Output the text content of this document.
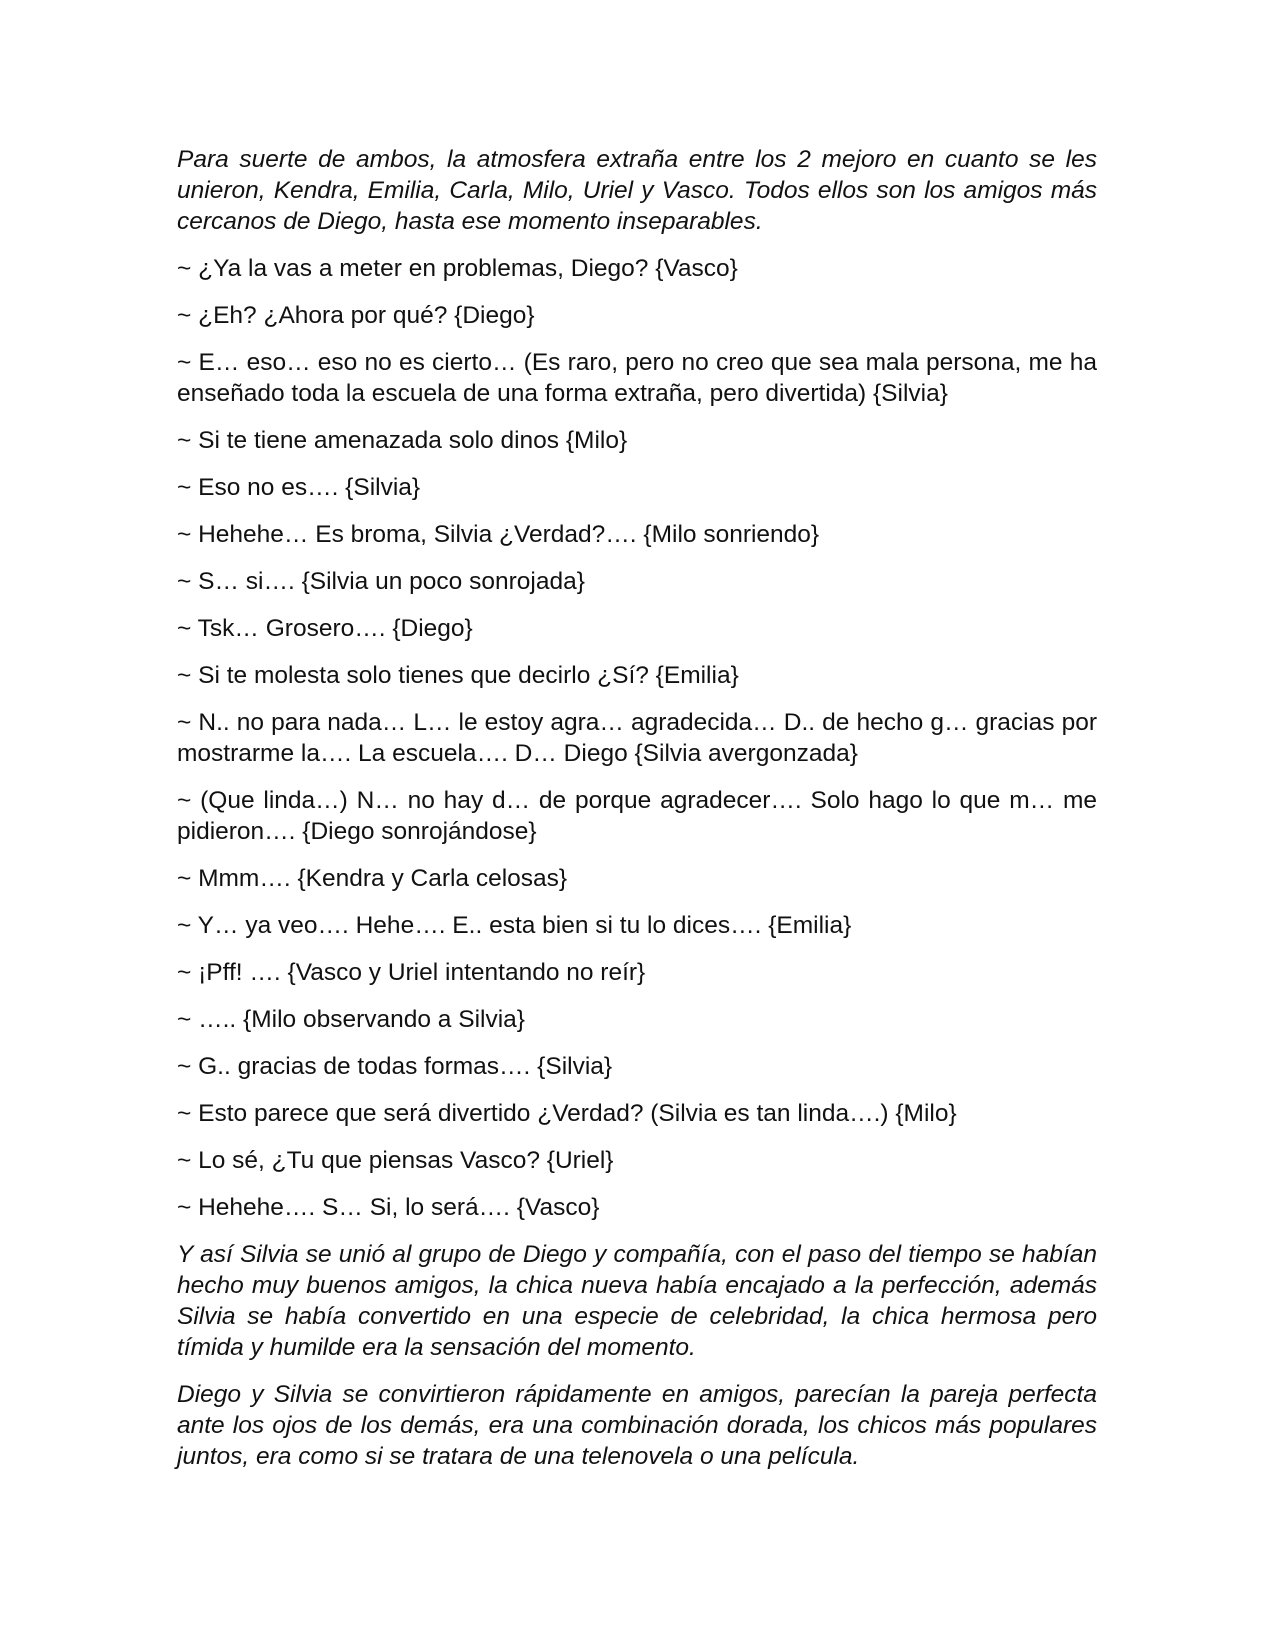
Para suerte de ambos, la atmosfera extraña entre los 2 mejoro en cuanto se les unieron, Kendra, Emilia, Carla, Milo, Uriel y Vasco. Todos ellos son los amigos más cercanos de Diego, hasta ese momento inseparables.

~ ¿Ya la vas a meter en problemas, Diego? {Vasco}

~ ¿Eh? ¿Ahora por qué? {Diego}

~ E… eso… eso no es cierto… (Es raro, pero no creo que sea mala persona, me ha enseñado toda la escuela de una forma extraña, pero divertida) {Silvia}

~ Si te tiene amenazada solo dinos {Milo}

~ Eso no es…. {Silvia}

~ Hehehe… Es broma, Silvia ¿Verdad?…. {Milo sonriendo}

~ S… si…. {Silvia un poco sonrojada}

~ Tsk… Grosero…. {Diego}

~ Si te molesta solo tienes que decirlo ¿Sí? {Emilia}

~ N.. no para nada… L… le estoy agra… agradecida… D.. de hecho g… gracias por mostrarme la…. La escuela…. D… Diego {Silvia avergonzada}

~ (Que linda…) N… no hay d… de porque agradecer…. Solo hago lo que m… me pidieron…. {Diego sonrojándose}

~ Mmm…. {Kendra y Carla celosas}

~ Y… ya veo…. Hehe…. E.. esta bien si tu lo dices…. {Emilia}

~ ¡Pff! …. {Vasco y Uriel intentando no reír}

~ ….. {Milo observando a Silvia}

~ G.. gracias de todas formas…. {Silvia}

~ Esto parece que será divertido ¿Verdad? (Silvia es tan linda….) {Milo}

~ Lo sé, ¿Tu que piensas Vasco? {Uriel}

~ Hehehe…. S… Si, lo será…. {Vasco}

Y así Silvia se unió al grupo de Diego y compañía, con el paso del tiempo se habían hecho muy buenos amigos, la chica nueva había encajado a la perfección, además Silvia se había convertido en una especie de celebridad, la chica hermosa pero tímida y humilde era la sensación del momento.

Diego y Silvia se convirtieron rápidamente en amigos, parecían la pareja perfecta ante los ojos de los demás, era una combinación dorada, los chicos más populares juntos, era como si se tratara de una telenovela o una película.
